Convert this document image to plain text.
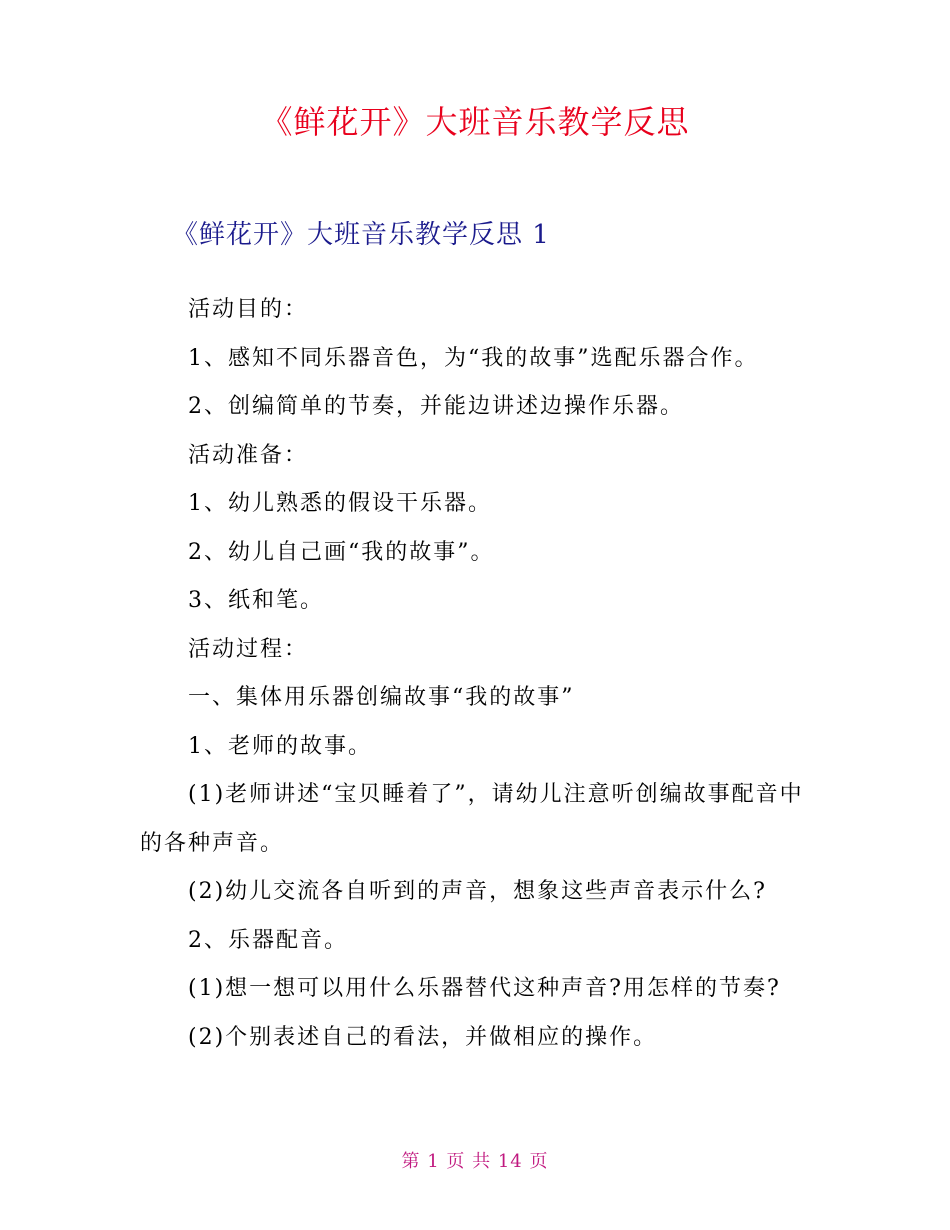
《鲜花开》大班音乐教学反思
《鲜花开》大班音乐教学反思 1

活动目的：

1、感知不同乐器音色，为“我的故事”选配乐器合作。

2、创编简单的节奏，并能边讲述边操作乐器。

活动准备：

1、幼儿熟悉的假设干乐器。

2、幼儿自己画“我的故事”。

3、纸和笔。

活动过程：

一、集体用乐器创编故事“我的故事”

1、老师的故事。

(1)老师讲述“宝贝睡着了”，请幼儿注意听创编故事配音中的各种声音。

(2)幼儿交流各自听到的声音，想象这些声音表示什么?

2、乐器配音。

(1)想一想可以用什么乐器替代这种声音?用怎样的节奏?

(2)个别表述自己的看法，并做相应的操作。

第 1 页 共 14 页
